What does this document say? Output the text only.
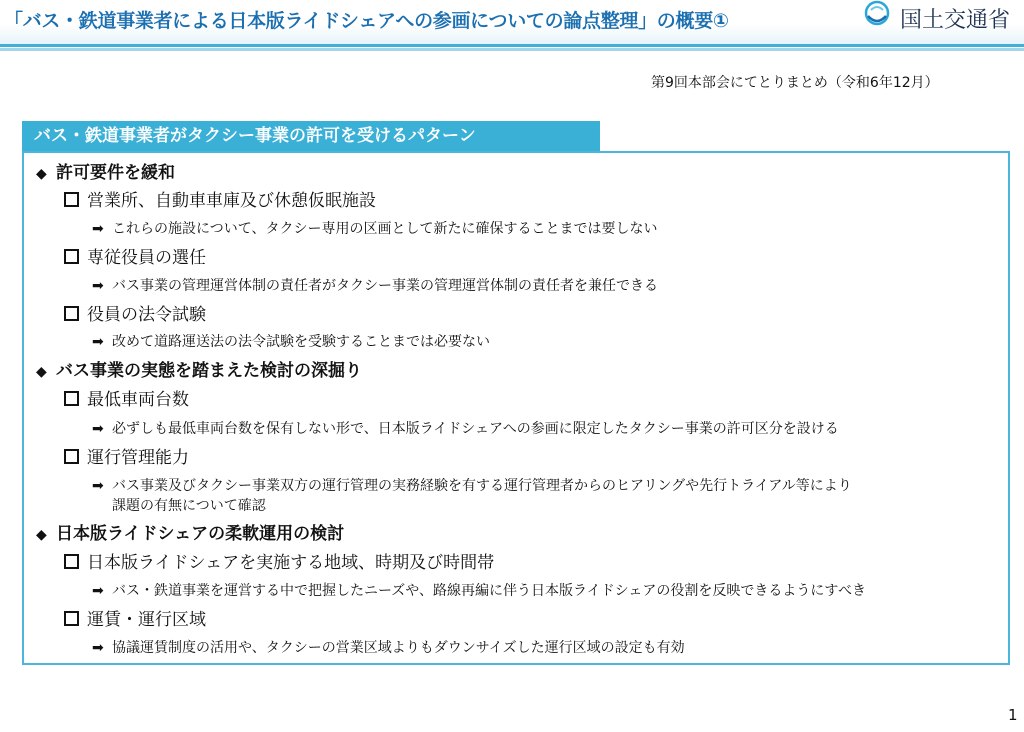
「バス・鉄道事業者による日本版ライドシェアへの参画についての論点整理」の概要①	国土交通省
第9回本部会にてとりまとめ（令和6年12月）
バス・鉄道事業者がタクシー事業の許可を受けるパターン
◆ 許可要件を緩和
営業所、自動車車庫及び休憩仮眠施設
➡ これらの施設について、タクシー専用の区画として新たに確保することまでは要しない
専従役員の選任
➡ バス事業の管理運営体制の責任者がタクシー事業の管理運営体制の責任者を兼任できる
役員の法令試験
➡ 改めて道路運送法の法令試験を受験することまでは必要ない
◆ バス事業の実態を踏まえた検討の深掘り
最低車両台数
➡ 必ずしも最低車両台数を保有しない形で、日本版ライドシェアへの参画に限定したタクシー事業の許可区分を設ける
運行管理能力
➡ バス事業及びタクシー事業双方の運行管理の実務経験を有する運行管理者からのヒアリングや先行トライアル等により
課題の有無について確認
◆ 日本版ライドシェアの柔軟運用の検討
日本版ライドシェアを実施する地域、時期及び時間帯
➡ バス・鉄道事業を運営する中で把握したニーズや、路線再編に伴う日本版ライドシェアの役割を反映できるようにすべき
運賃・運行区域
➡ 協議運賃制度の活用や、タクシーの営業区域よりもダウンサイズした運行区域の設定も有効
1
